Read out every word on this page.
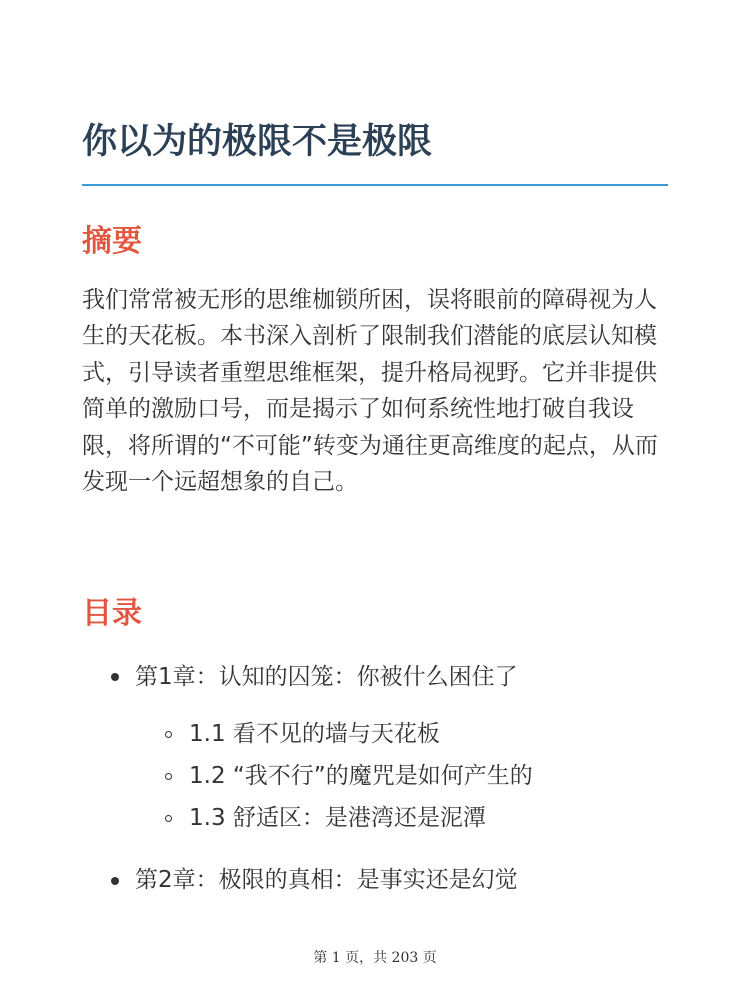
你以为的极限不是极限
摘要

我们常常被无形的思维枷锁所困，误将眼前的障碍视为人生的天花板。本书深入剖析了限制我们潜能的底层认知模式，引导读者重塑思维框架，提升格局视野。它并非提供简单的激励口号，而是揭示了如何系统性地打破自我设限，将所谓的“不可能”转变为通往更高维度的起点，从而发现一个远超想象的自己。

目录
第1章：认知的囚笼：你被什么困住了
1.1 看不见的墙与天花板
1.2 “我不行”的魔咒是如何产生的
1.3 舒适区：是港湾还是泥潭
第2章：极限的真相：是事实还是幻觉
第 1 页，共 203 页
